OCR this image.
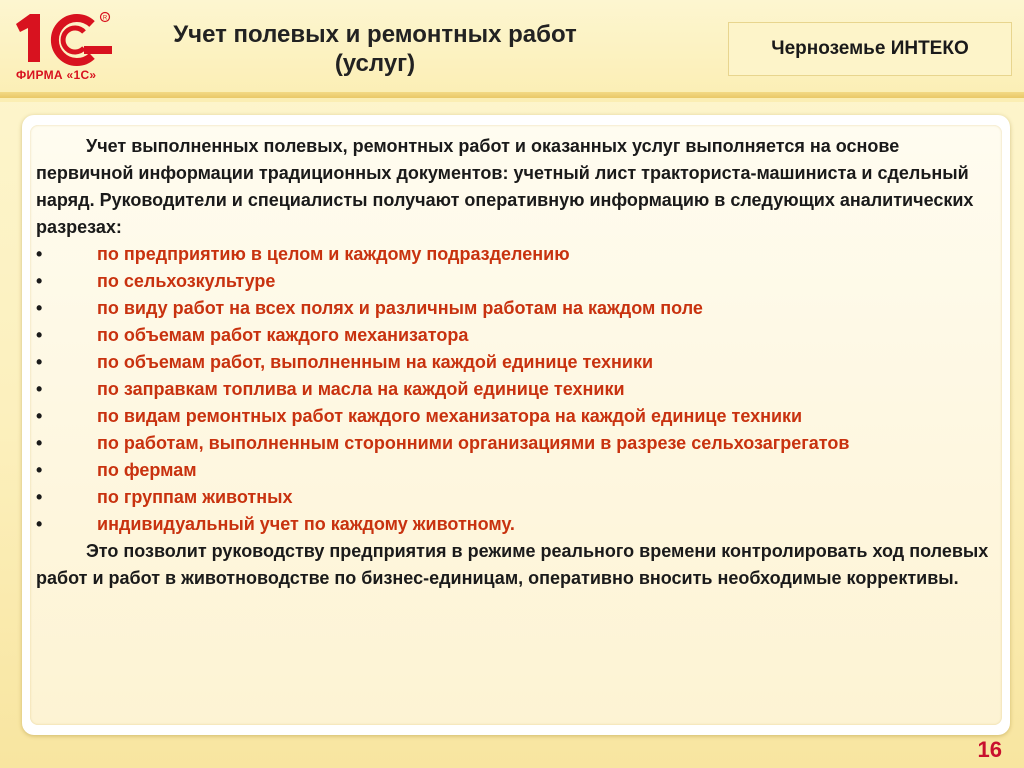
R
ФИРМА «1С»
Учет полевых и ремонтных работ
(услуг)
Черноземье ИНТЕКО

Учет выполненных полевых, ремонтных работ и оказанных услуг выполняется на основе первичной информации традиционных документов: учетный лист тракториста-машиниста и сдельный наряд. Руководители и специалисты получают оперативную информацию в следующих аналитических разрезах:

•	по предприятию в целом и каждому подразделению
•	по сельхозкультуре
•	по виду работ на всех полях и различным работам на каждом поле
•	по объемам работ каждого механизатора
•	по объемам работ, выполненным на каждой единице техники
•	по заправкам топлива и масла на каждой единице техники
•	по видам ремонтных работ каждого механизатора на каждой единице техники
•	по работам, выполненным сторонними организациями в разрезе сельхозагрегатов
•	по фермам
•	по группам животных
•	индивидуальный учет по каждому животному.

Это позволит руководству предприятия в режиме реального времени контролировать ход полевых работ и работ в животноводстве по бизнес-единицам, оперативно вносить необходимые коррективы.

16
